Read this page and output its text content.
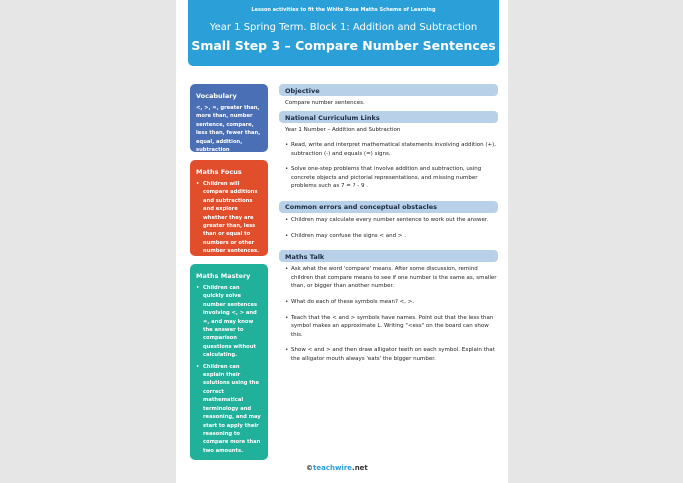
Lesson activities to fit the White Rose Maths Scheme of Learning
Year 1 Spring Term. Block 1: Addition and Subtraction
Small Step 3 – Compare Number Sentences
Vocabulary

<, >, =, greater than, more than, number sentence, compare, less than, fewer than, equal, addition, subtraction

Maths Focus
• Children will compare additions and subtractions and explore whether they are greater than, less than or equal to numbers or other number sentences.
Maths Mastery
• Children can quickly solve number sentences involving <, > and =, and may know the answer to comparison questions without calculating.
• Children can explain their solutions using the correct mathematical terminology and reasoning, and may start to apply their reasoning to compare more than two amounts.
Objective
Compare number sentences.
National Curriculum Links
Year 1 Number – Addition and Subtraction
• Read, write and interpret mathematical statements involving addition (+), subtraction (-) and equals (=) signs.
• Solve one-step problems that involve addition and subtraction, using concrete objects and pictorial representations, and missing number problems such as 7 = ? - 9 .
Common errors and conceptual obstacles
• Children may calculate every number sentence to work out the answer.
• Children may confuse the signs < and > .
Maths Talk
• Ask what the word 'compare' means. After some discussion, remind children that compare means to see if one number is the same as, smaller than, or bigger than another number.
• What do each of these symbols mean? <, >.
• Teach that the < and > symbols have names. Point out that the less than symbol makes an approximate L. Writing "<ess" on the board can show this.
• Show < and > and then draw alligator teeth on each symbol. Explain that the alligator mouth always 'eats' the bigger number.
©teachwire.net
